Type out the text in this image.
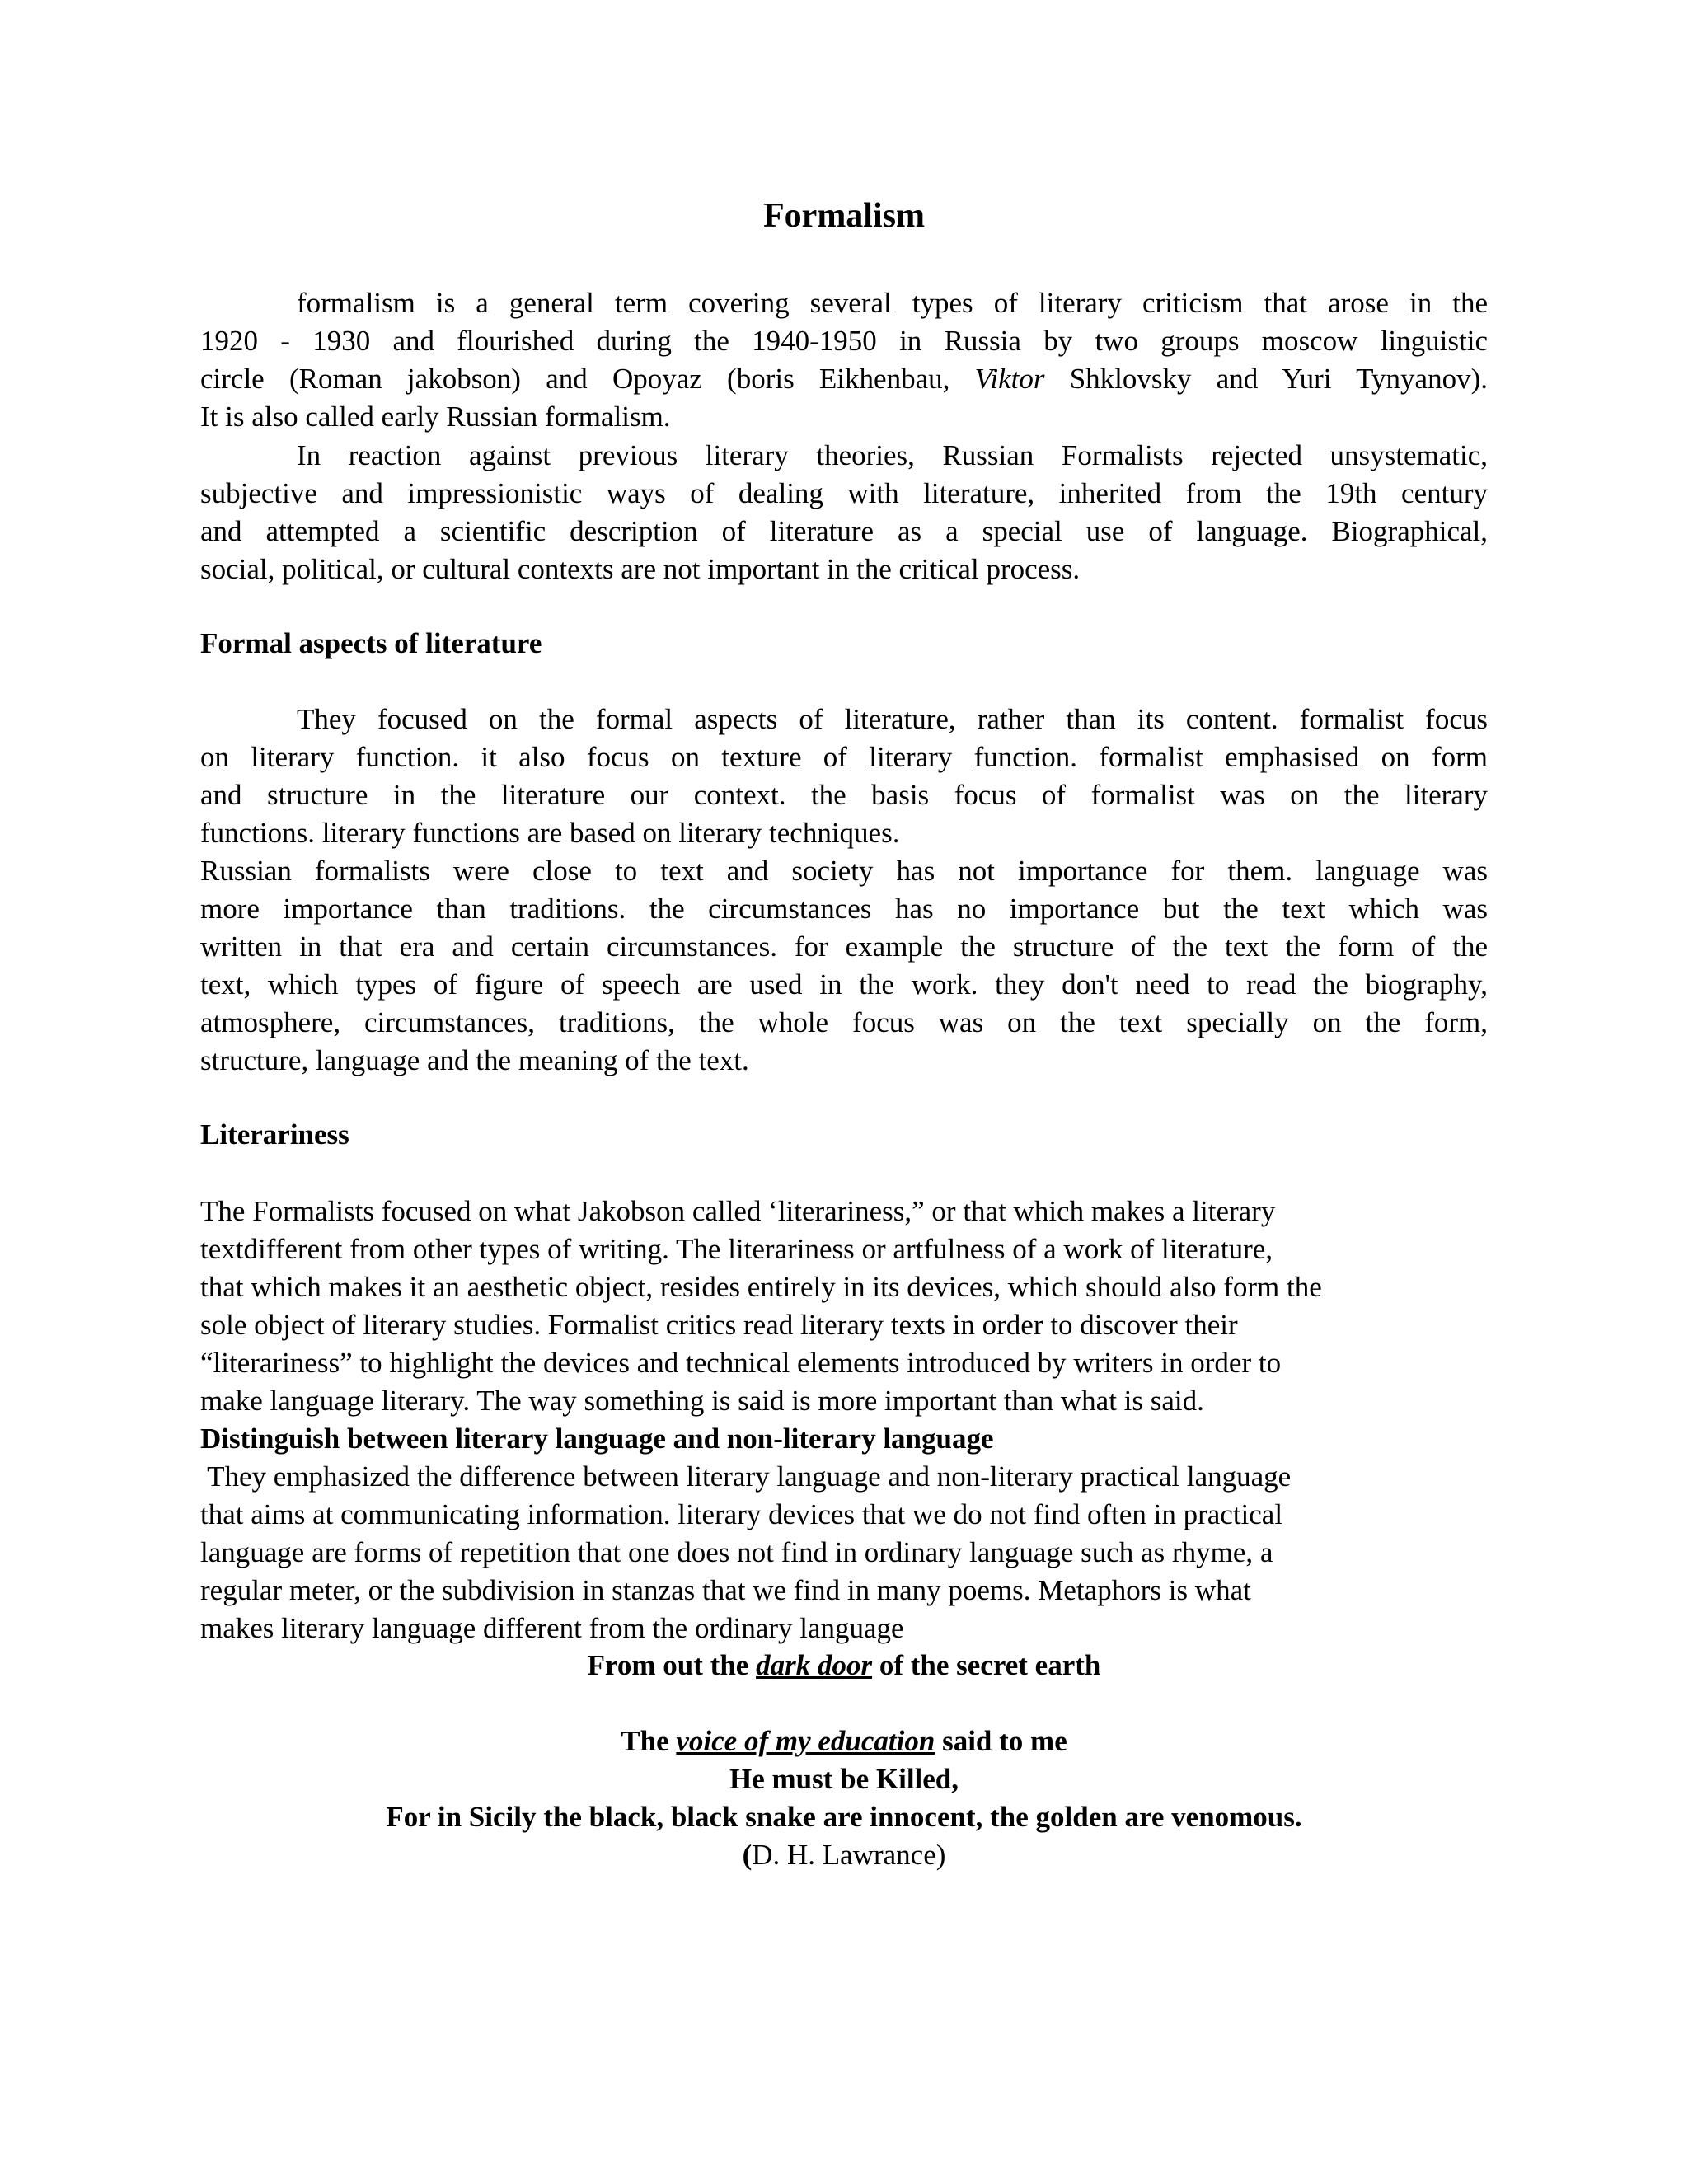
Formalism
formalism is a general term covering several types of literary criticism that arose in the
1920 - 1930 and flourished during the 1940-1950 in Russia by two groups moscow linguistic
circle (Roman jakobson) and Opoyaz (boris Eikhenbau, Viktor Shklovsky and Yuri Tynyanov).
It is also called early Russian formalism.
In reaction against previous literary theories, Russian Formalists rejected unsystematic,
subjective and impressionistic ways of dealing with literature, inherited from the 19th century
and attempted a scientific description of literature as a special use of language. Biographical,
social, political, or cultural contexts are not important in the critical process.
Formal aspects of literature
They focused on the formal aspects of literature, rather than its content. formalist focus
on literary function. it also focus on texture of literary function. formalist emphasised on form
and structure in the literature our context. the basis focus of formalist was on the literary
functions. literary functions are based on literary techniques.
Russian formalists were close to text and society has not importance for them. language was
more importance than traditions. the circumstances has no importance but the text which was
written in that era and certain circumstances. for example the structure of the text the form of the
text, which types of figure of speech are used in the work. they don't need to read the biography,
atmosphere, circumstances, traditions, the whole focus was on the text specially on the form,
structure, language and the meaning of the text.
Literariness
The Formalists focused on what Jakobson called ‘literariness,” or that which makes a literary
textdifferent from other types of writing. The literariness or artfulness of a work of literature,
that which makes it an aesthetic object, resides entirely in its devices, which should also form the
sole object of literary studies. Formalist critics read literary texts in order to discover their
“literariness” to highlight the devices and technical elements introduced by writers in order to
make language literary. The way something is said is more important than what is said.
Distinguish between literary language and non-literary language
They emphasized the difference between literary language and non-literary practical language
that aims at communicating information. literary devices that we do not find often in practical
language are forms of repetition that one does not find in ordinary language such as rhyme, a
regular meter, or the subdivision in stanzas that we find in many poems. Metaphors is what
makes literary language different from the ordinary language
From out the dark door of the secret earth
The voice of my education said to me
He must be Killed,
For in Sicily the black, black snake are innocent, the golden are venomous.
(D. H. Lawrance)
